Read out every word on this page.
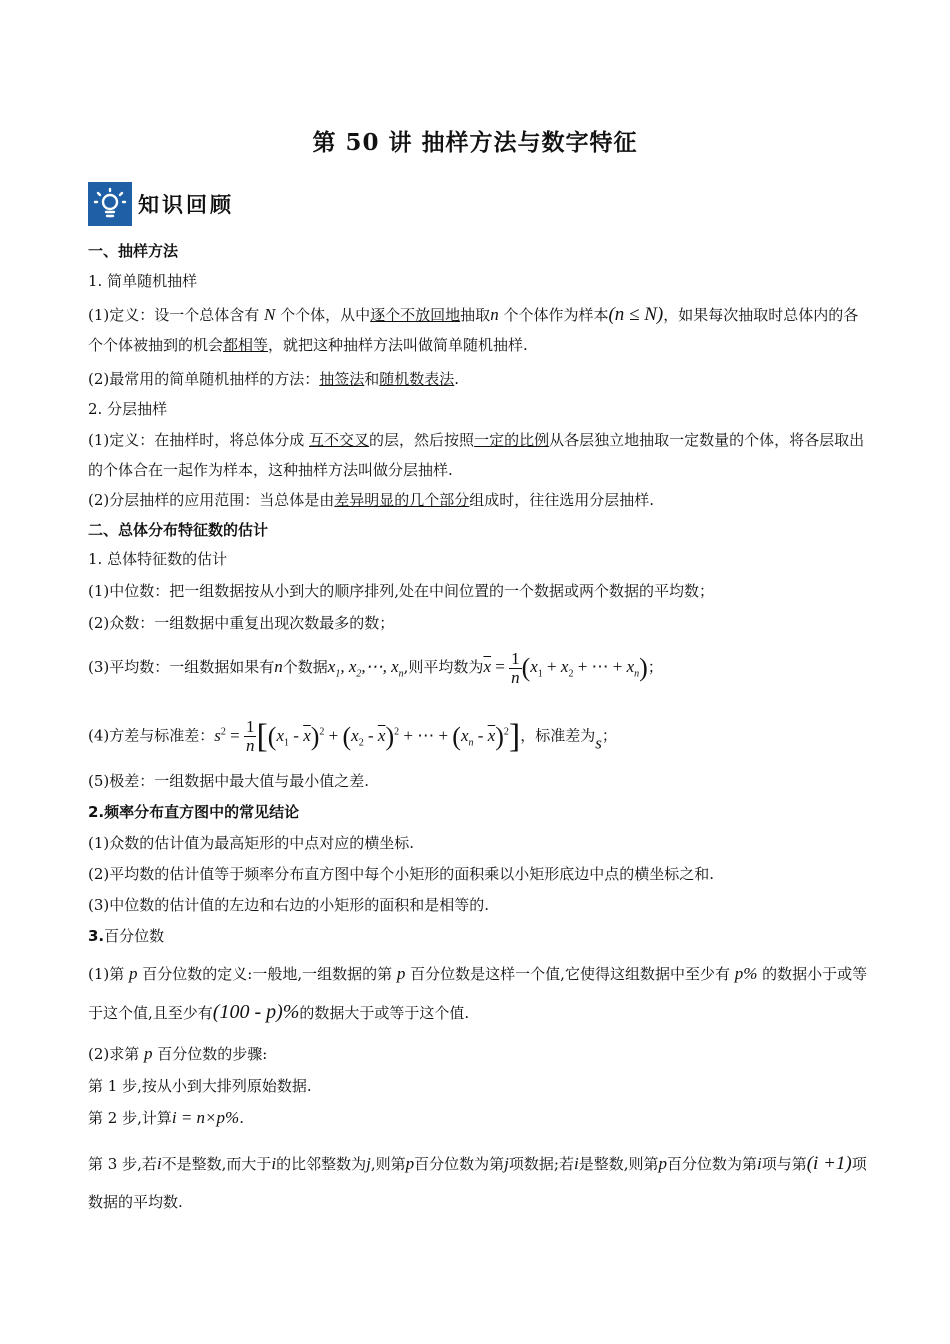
第 50 讲 抽样方法与数字特征
知识回顾
一、抽样方法
1. 简单随机抽样
(1)定义：设一个总体含有 N 个个体，从中逐个不放回地抽取n 个个体作为样本(n ≤ N)，如果每次抽取时总体内的各个个体被抽到的机会都相等，就把这种抽样方法叫做简单随机抽样.
(2)最常用的简单随机抽样的方法：抽签法和随机数表法.
2. 分层抽样
(1)定义：在抽样时，将总体分成 互不交叉的层，然后按照一定的比例从各层独立地抽取一定数量的个体，将各层取出的个体合在一起作为样本，这种抽样方法叫做分层抽样.
(2)分层抽样的应用范围：当总体是由差异明显的几个部分组成时，往往选用分层抽样.
二、总体分布特征数的估计
1. 总体特征数的估计
(1)中位数：把一组数据按从小到大的顺序排列,处在中间位置的一个数据或两个数据的平均数；
(2)众数：一组数据中重复出现次数最多的数；
(3)平均数：一组数据如果有n个数据$x_1$, $x_2,\cdots$, $x_n$,则平均数为$\overline{x} = \frac{1}{n} (x_1 + x_2$ + ⋯ + $x_n$)；
(4)方差与标准差：$s^2 = \frac{1}{n} [(x_1 - \overline{x})^2 + (x_2 - \overline{x})^2$ + ⋯ + $(x_n - \overline{x})^2$]，标准差为s；
(5)极差：一组数据中最大值与最小值之差.
2.频率分布直方图中的常见结论
(1)众数的估计值为最高矩形的中点对应的横坐标.
(2)平均数的估计值等于频率分布直方图中每个小矩形的面积乘以小矩形底边中点的横坐标之和.
(3)中位数的估计值的左边和右边的小矩形的面积和是相等的.
3.百分位数
(1)第 p 百分位数的定义:一般地,一组数据的第 p 百分位数是这样一个值,它使得这组数据中至少有 p% 的数据小于或等于这个值,且至少有(100 - p)%的数据大于或等于这个值.
(2)求第 p 百分位数的步骤:
第 1 步,按从小到大排列原始数据.
第 2 步,计算i = n×p%.
第 3 步,若i不是整数,而大于i的比邻整数为j,则第p百分位数为第j项数据;若i是整数,则第p百分位数为第i项与第(i +1)项数据的平均数.
